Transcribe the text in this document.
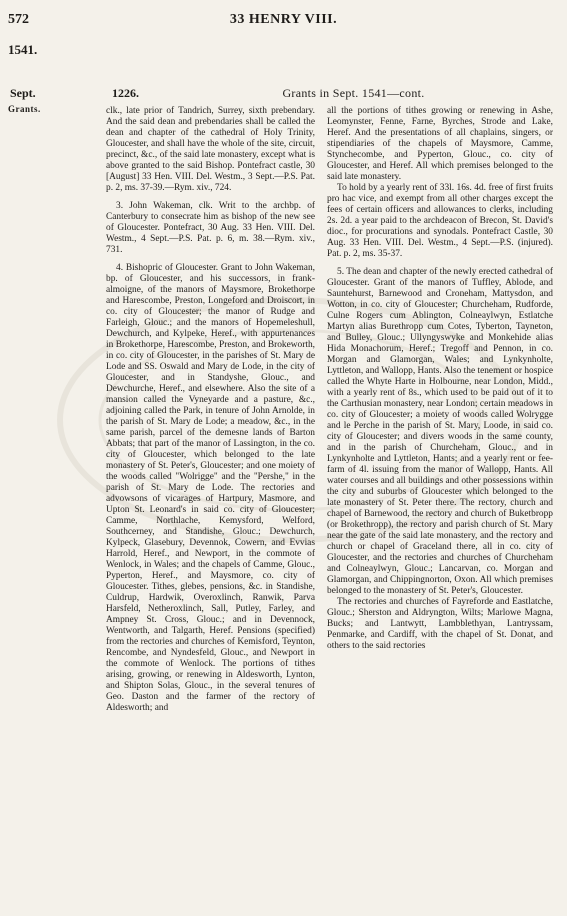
572	33 HENRY VIII.
1541.
Sept.
Grants.
1226.	Grants in Sept. 1541—cont.

clk., late prior of Tandrich, Surrey, sixth prebendary. And the said dean and prebendaries shall be called the dean and chapter of the cathedral of Holy Trinity, Gloucester, and shall have the whole of the site, circuit, precinct, &c., of the said late monastery, except what is above granted to the said Bishop. Pontefract castle, 30 [August] 33 Hen. VIII. Del. Westm., 3 Sept.—P.S. Pat. p. 2, ms. 37-39.—Rym. xiv., 724.

3. John Wakeman, clk. Writ to the archbp. of Canterbury to consecrate him as bishop of the new see of Gloucester. Pontefract, 30 Aug. 33 Hen. VIII. Del. Westm., 4 Sept.—P.S. Pat. p. 6, m. 38.—Rym. xiv., 731.

4. Bishopric of Gloucester. Grant to John Wakeman, bp. of Gloucester, and his successors, in frank-almoigne, of the manors of Maysmore, Brokethorpe and Harescombe, Preston, Longeford and Droiscort, in co. city of Gloucester; the manor of Rudge and Farleigh, Glouc.; and the manors of Hopemeleshull, Dewchurch, and Kylpeke, Heref., with appurtenances in Brokethorpe, Harescombe, Preston, and Brokeworth, in co. city of Gloucester, in the parishes of St. Mary de Lode and SS. Oswald and Mary de Lode, in the city of Gloucester, and in Standyshe, Glouc., and Dewchurche, Heref., and elsewhere. Also the site of a mansion called the Vyneyarde and a pasture, &c., adjoining called the Park, in tenure of John Arnolde, in the parish of St. Mary de Lode; a meadow, &c., in the same parish, parcel of the demesne lands of Barton Abbats; that part of the manor of Lassington, in the co. city of Gloucester, which belonged to the late monastery of St. Peter's, Gloucester; and one moiety of the woods called "Wolrigge" and the "Pershe," in the parish of St. Mary de Lode. The rectories and advowsons of vicarages of Hartpury, Masmore, and Upton St. Leonard's in said co. city of Gloucester; Camme, Northlache, Kemysford, Welford, Southcerney, and Standishe, Glouc.; Dewchurch, Kylpeck, Glasebury, Devennok, Cowern, and Evvias Harrold, Heref., and Newport, in the commote of Wenlock, in Wales; and the chapels of Camme, Glouc., Pyperton, Heref., and Maysmore, co. city of Gloucester. Tithes, glebes, pensions, &c. in Standishe, Culdrup, Hardwik, Overoxlinch, Ranwik, Parva Harsfeld, Netheroxlinch, Sall, Putley, Farley, and Ampney St. Cross, Glouc.; and in Devennock, Wentworth, and Talgarth, Heref. Pensions (specified) from the rectories and churches of Kemisford, Teynton, Rencombe, and Nyndesfeld, Glouc., and Newport in the commote of Wenlock. The portions of tithes arising, growing, or renewing in Aldesworth, Lynton, and Shipton Solas, Glouc., in the several tenures of Geo. Daston and the farmer of the rectory of Aldesworth; and

all the portions of tithes growing or renewing in Ashe, Leomynster, Fenne, Farne, Byrches, Strode and Lake, Heref. And the presentations of all chaplains, singers, or stipendiaries of the chapels of Maysmore, Camme, Stynchecombe, and Pyperton, Glouc., co. city of Gloucester, and Heref. All which premises belonged to the said late monastery.

To hold by a yearly rent of 33l. 16s. 4d. free of first fruits pro hac vice, and exempt from all other charges except the fees of certain officers and allowances to clerks, including 2s. 2d. a year paid to the archdeacon of Brecon, St. David's dioc., for procurations and synodals. Pontefract Castle, 30 Aug. 33 Hen. VIII. Del. Westm., 4 Sept.—P.S. (injured). Pat. p. 2, ms. 35-37.

5. The dean and chapter of the newly erected cathedral of Gloucester. Grant of the manors of Tuffley, Ablode, and Sauntehurst, Barnewood and Croneham, Mattysdon, and Wotton, in co. city of Gloucester; Churcheham, Rudforde, Culne Rogers cum Ablington, Colneaylwyn, Estlatche Martyn alias Burethropp cum Cotes, Tyberton, Tayneton, and Bulley, Glouc.; Ullyngyswyke and Monkehide alias Hida Monachorum, Heref.; Tregoff and Pennon, in co. Morgan and Glamorgan, Wales; and Lynkynholte, Lyttleton, and Wallopp, Hants. Also the tenement or hospice called the Whyte Harte in Holbourne, near London, Midd., with a yearly rent of 8s., which used to be paid out of it to the Carthusian monastery, near London; certain meadows in co. city of Gloucester; a moiety of woods called Wolrygge and le Perche in the parish of St. Mary, Loode, in said co. city of Gloucester; and divers woods in the same county, and in the parish of Churcheham, Glouc., and in Lynkynholte and Lyttleton, Hants; and a yearly rent or fee-farm of 4l. issuing from the manor of Wallopp, Hants. All water courses and all buildings and other possessions within the city and suburbs of Gloucester which belonged to the late monastery of St. Peter there. The rectory, church and chapel of Barnewood, the rectory and church of Buketbropp (or Brokethropp), the rectory and parish church of St. Mary near the gate of the said late monastery, and the rectory and church or chapel of Graceland there, all in co. city of Gloucester, and the rectories and churches of Churcheham and Colneaylwyn, Glouc.; Lancarvan, co. Morgan and Glamorgan, and Chippingnorton, Oxon. All which premises belonged to the monastery of St. Peter's, Gloucester.

The rectories and churches of Fayreforde and Eastlatche, Glouc.; Sherston and Aldryngton, Wilts; Marlowe Magna, Bucks; and Lantwytt, Lambblethyan, Lantryssam, Penmarke, and Cardiff, with the chapel of St. Donat, and others to the said rectories
